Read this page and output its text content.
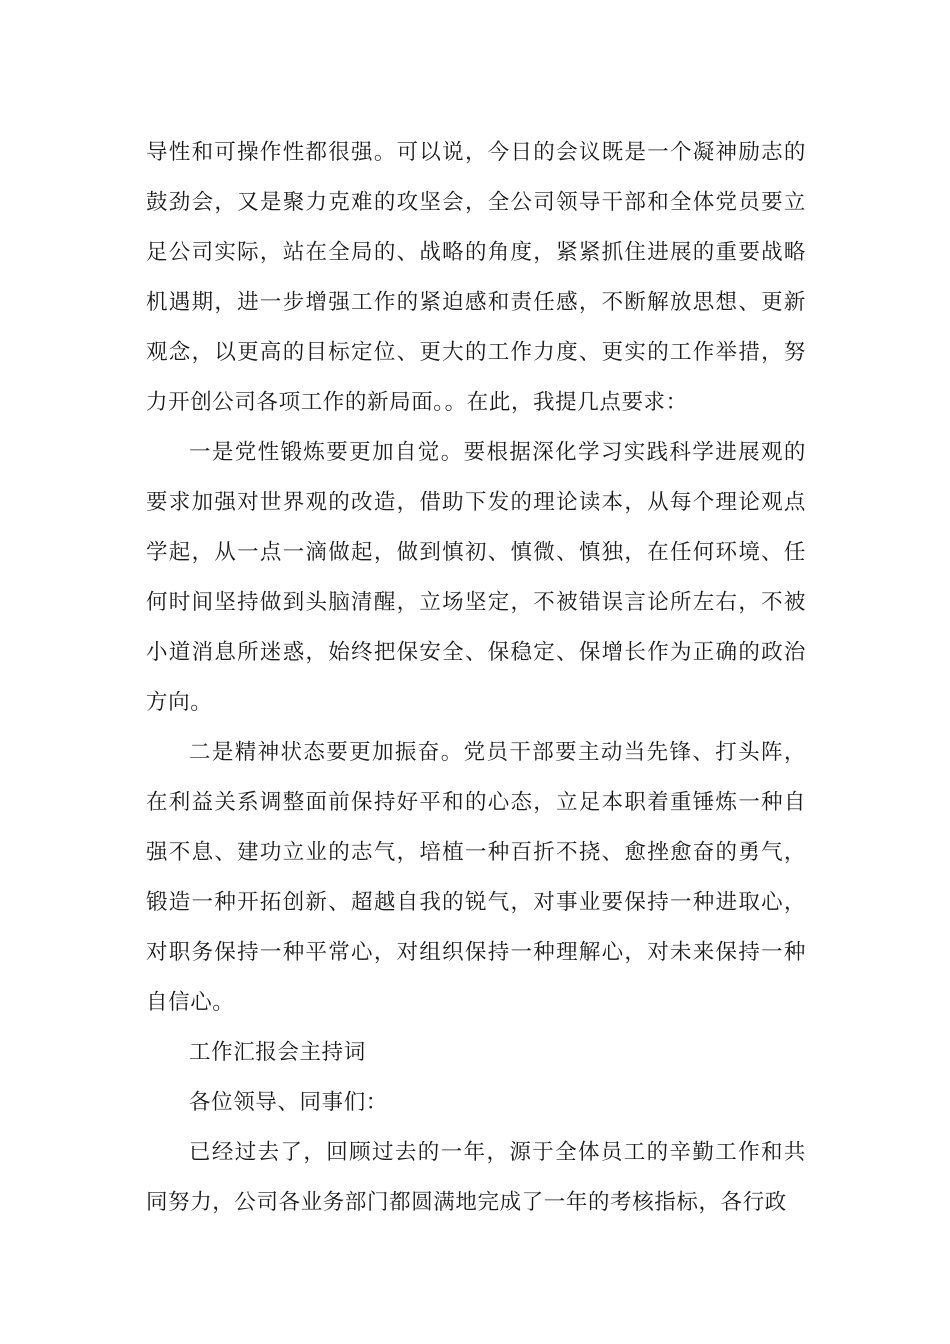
导性和可操作性都很强。可以说，今日的会议既是一个凝神励志的鼓劲会，又是聚力克难的攻坚会，全公司领导干部和全体党员要立足公司实际，站在全局的、战略的角度，紧紧抓住进展的重要战略机遇期，进一步增强工作的紧迫感和责任感，不断解放思想、更新观念，以更高的目标定位、更大的工作力度、更实的工作举措，努力开创公司各项工作的新局面。。在此，我提几点要求：

一是党性锻炼要更加自觉。要根据深化学习实践科学进展观的要求加强对世界观的改造，借助下发的理论读本，从每个理论观点学起，从一点一滴做起，做到慎初、慎微、慎独，在任何环境、任何时间坚持做到头脑清醒，立场坚定，不被错误言论所左右，不被小道消息所迷惑，始终把保安全、保稳定、保增长作为正确的政治方向。

二是精神状态要更加振奋。党员干部要主动当先锋、打头阵，在利益关系调整面前保持好平和的心态，立足本职着重锤炼一种自强不息、建功立业的志气，培植一种百折不挠、愈挫愈奋的勇气，锻造一种开拓创新、超越自我的锐气，对事业要保持一种进取心，对职务保持一种平常心，对组织保持一种理解心，对未来保持一种自信心。

工作汇报会主持词

各位领导、同事们：

已经过去了，回顾过去的一年，源于全体员工的辛勤工作和共同努力，公司各业务部门都圆满地完成了一年的考核指标，各行政
